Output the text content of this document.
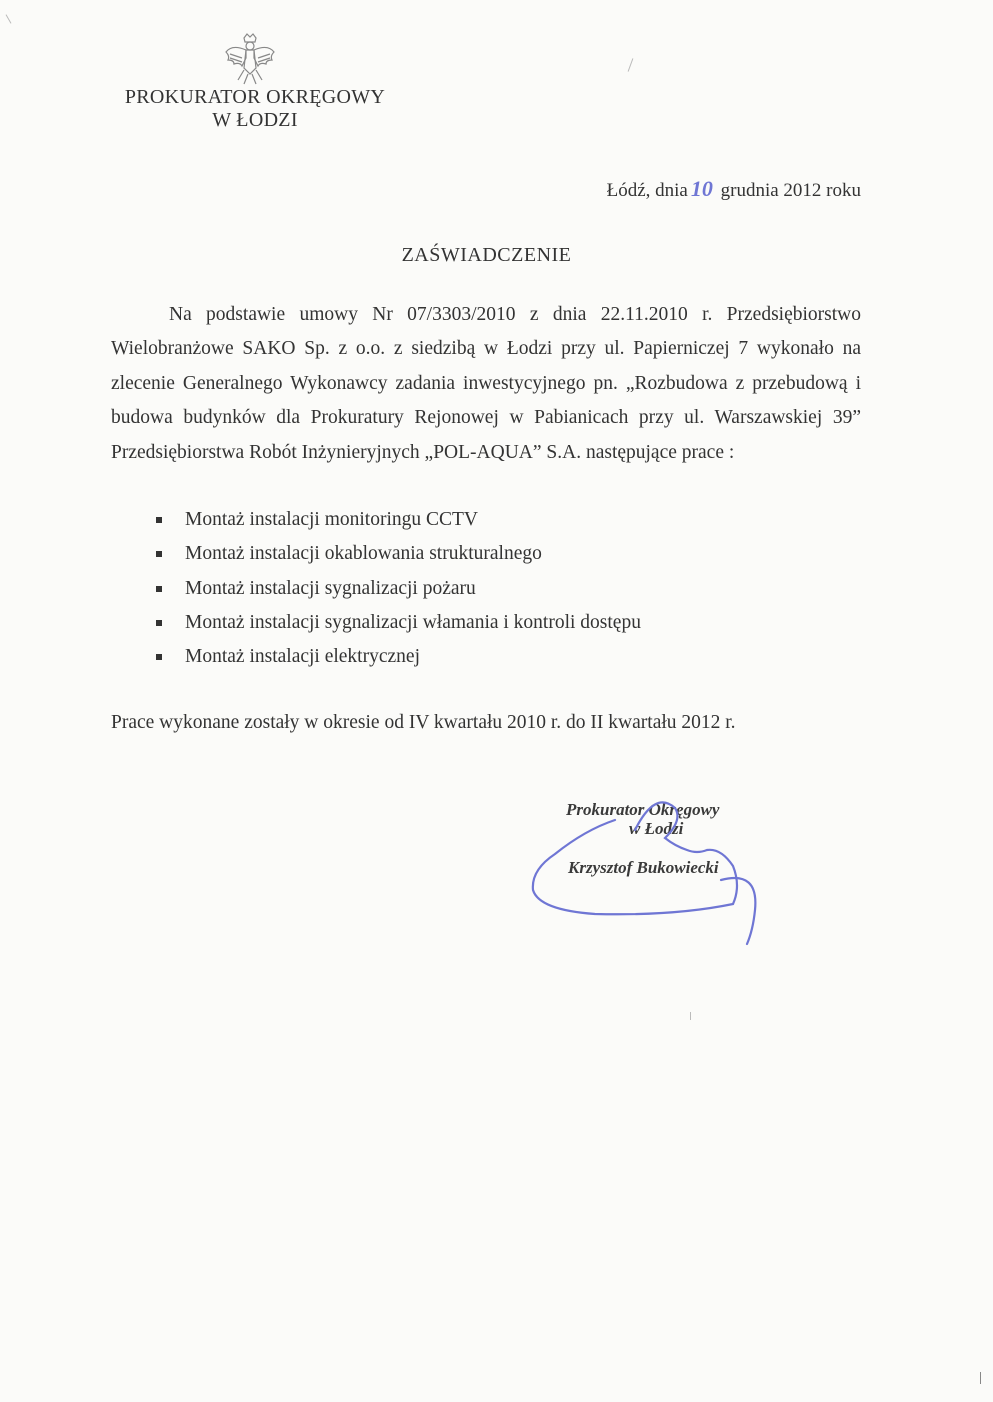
PROKURATOR OKRĘGOWY
W ŁODZI
Łódź, dnia 10 grudnia 2012 roku
ZAŚWIADCZENIE
Na podstawie umowy Nr 07/3303/2010 z dnia 22.11.2010 r. Przedsiębiorstwo Wielobranżowe SAKO Sp. z o.o. z siedzibą w Łodzi przy ul. Papierniczej 7 wykonało na zlecenie Generalnego Wykonawcy zadania inwestycyjnego pn. „Rozbudowa z przebudową i budowa budynków dla Prokuratury Rejonowej w Pabianicach przy ul. Warszawskiej 39” Przedsiębiorstwa Robót Inżynieryjnych „POL-AQUA” S.A. następujące prace :
Montaż instalacji monitoringu CCTV
Montaż instalacji okablowania strukturalnego
Montaż instalacji sygnalizacji pożaru
Montaż instalacji sygnalizacji włamania i kontroli dostępu
Montaż instalacji elektrycznej
Prace wykonane zostały w okresie od IV kwartału 2010 r. do II kwartału 2012 r.
Prokurator Okręgowy
w Łodzi
Krzysztof Bukowiecki
